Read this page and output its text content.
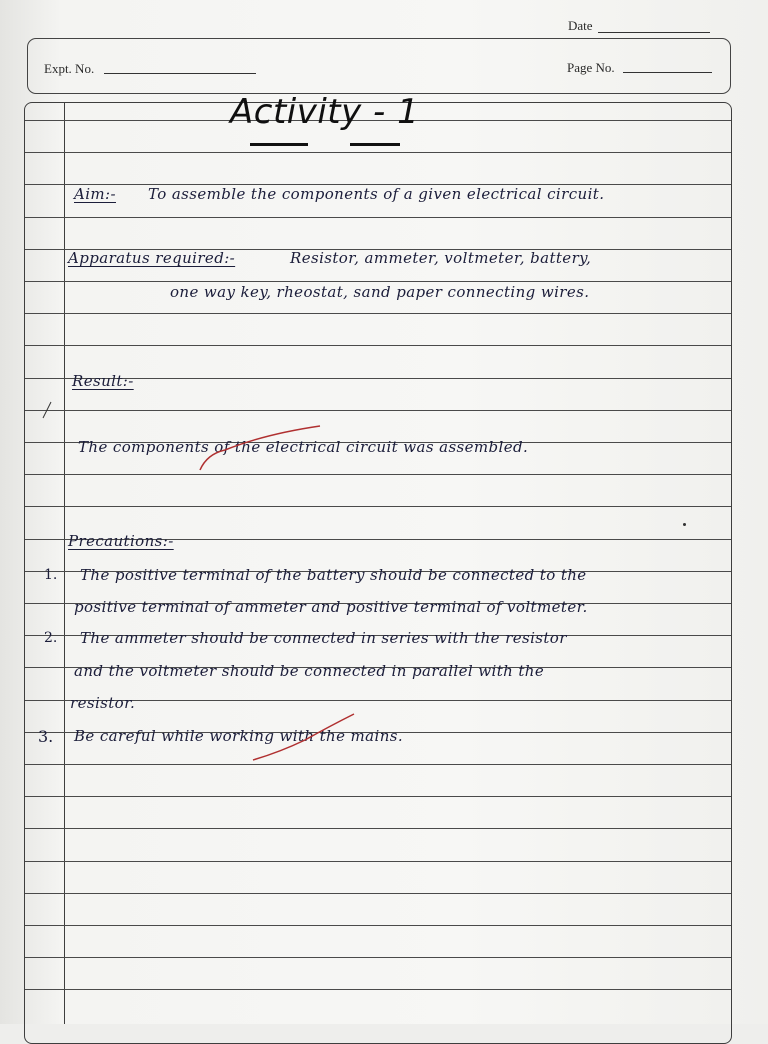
Date
Expt. No.	Page No.
Activity - 1
Aim:- To assemble the components of a given electrical circuit.
Apparatus required:-	Resistor, ammeter, voltmeter, battery,
one way key, rheostat, sand paper connecting wires.
Result:-
The components of the electrical circuit was assembled.
Precautions:-
1. The positive terminal of the battery should be connected to the
positive terminal of ammeter and positive terminal of voltmeter.
2. The ammeter should be connected in series with the resistor
and the voltmeter should be connected in parallel with the
resistor.
3. Be careful while working with the mains.
